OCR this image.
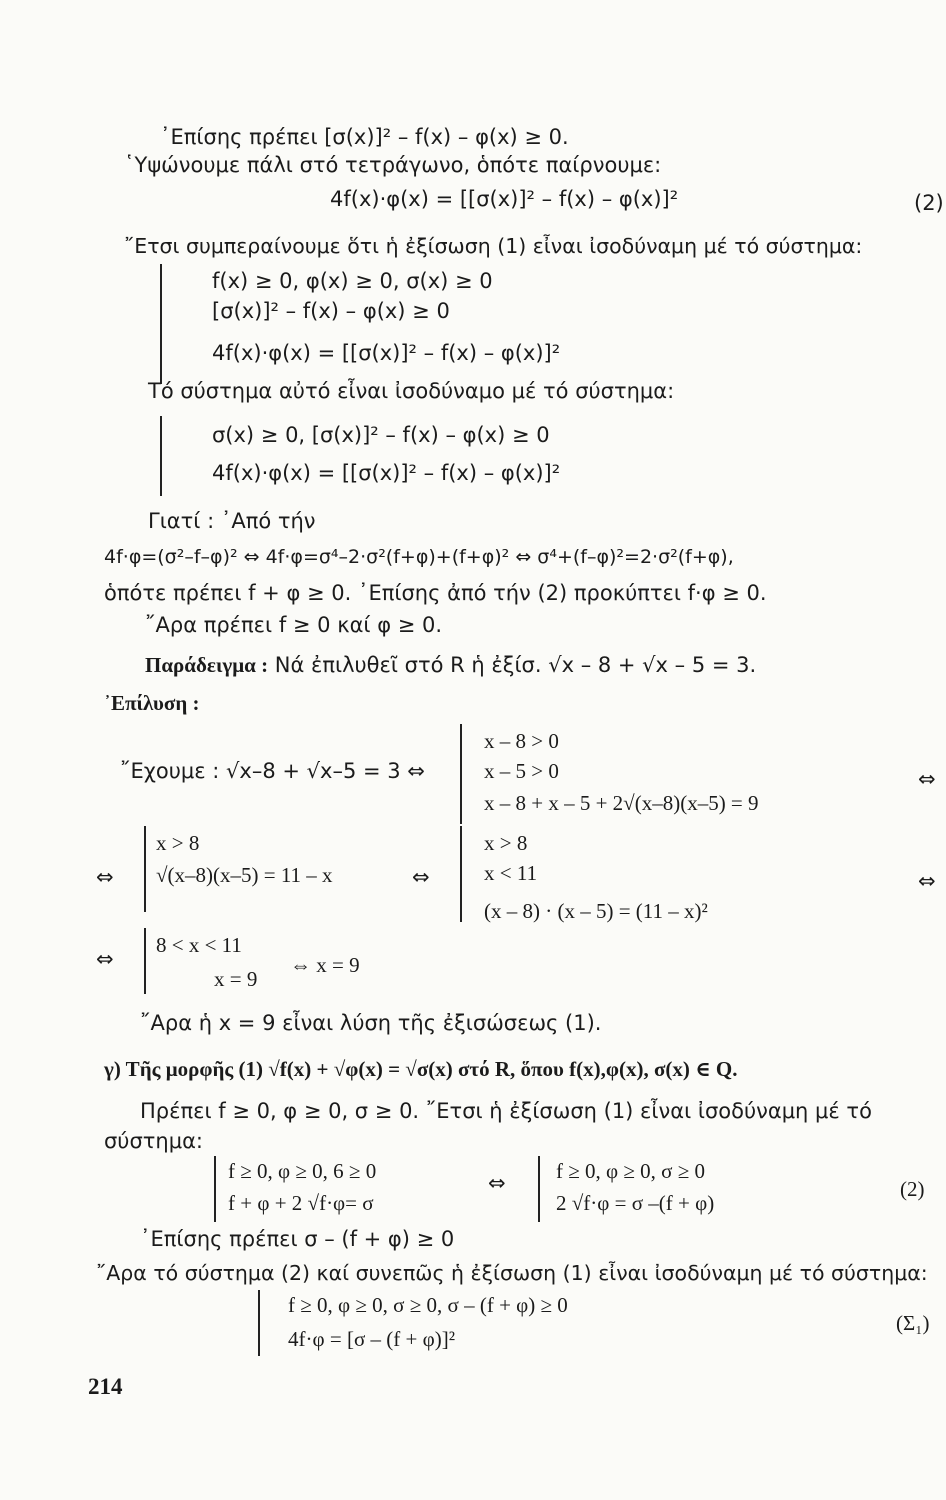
᾿Επίσης πρέπει [σ(x)]² – f(x) – φ(x) ≥ 0.
῾Υψώνουμε πάλι στό τετράγωνο, ὁπότε παίρνουμε:
4f(x)·φ(x) = [[σ(x)]² – f(x) – φ(x)]²	(2)
῎Ετσι συμπεραίνουμε ὅτι ἡ ἐξίσωση (1) εἶναι ἰσοδύναμη μέ τό σύστημα:
f(x) ≥ 0, φ(x) ≥ 0, σ(x) ≥ 0
[σ(x)]² – f(x) – φ(x) ≥ 0
4f(x)·φ(x) = [[σ(x)]² – f(x) – φ(x)]²
Τό σύστημα αὐτό εἶναι ἰσοδύναμο μέ τό σύστημα:
σ(x) ≥ 0, [σ(x)]² – f(x) – φ(x) ≥ 0
4f(x)·φ(x) = [[σ(x)]² – f(x) – φ(x)]²
Γιατί : ᾿Από τήν
4f·φ=(σ²–f–φ)² ⇔ 4f·φ=σ⁴–2·σ²(f+φ)+(f+φ)² ⇔ σ⁴+(f–φ)²=2·σ²(f+φ),
ὁπότε πρέπει f + φ ≥ 0. ᾿Επίσης ἀπό τήν (2) προκύπτει f·φ ≥ 0.
῎Αρα πρέπει f ≥ 0 καί φ ≥ 0.
Παράδειγμα : Νά ἐπιλυθεῖ στό R ἡ ἐξίσ. √x – 8 + √x – 5 = 3.
᾿Επίλυση :
῎Εχουμε : √x–8 + √x–5 = 3 ⇔
x – 8 > 0
x – 5 > 0
x – 8 + x – 5 + 2√(x–8)(x–5) = 9
⇔
⇔
x > 8
√(x–8)(x–5) = 11 – x	⇔
x > 8
x < 11
(x – 8) · (x – 5) = (11 – x)²
⇔
⇔
8 < x < 11
x = 9
⇔ x = 9
῎Αρα ἡ x = 9 εἶναι λύση τῆς ἐξισώσεως (1).
γ) Τῆς μορφῆς (1) √f(x) + √φ(x) = √σ(x) στό R, ὅπου f(x),φ(x), σ(x) ∈ Q.
Πρέπει f ≥ 0, φ ≥ 0, σ ≥ 0. ῎Ετσι ἡ ἐξίσωση (1) εἶναι ἰσοδύναμη μέ τό
σύστημα:
f ≥ 0, φ ≥ 0, 6 ≥ 0
f + φ + 2 √f·φ= σ
⇔ f ≥ 0, φ ≥ 0, σ ≥ 0
2 √f·φ = σ –(f + φ)
(2)
᾿Επίσης πρέπει σ – (f + φ) ≥ 0
῎Αρα τό σύστημα (2) καί συνεπῶς ἡ ἐξίσωση (1) εἶναι ἰσοδύναμη μέ τό σύστημα:
f ≥ 0, φ ≥ 0, σ ≥ 0, σ – (f + φ) ≥ 0
4f·φ = [σ – (f + φ)]²
(Σ₁)
214
